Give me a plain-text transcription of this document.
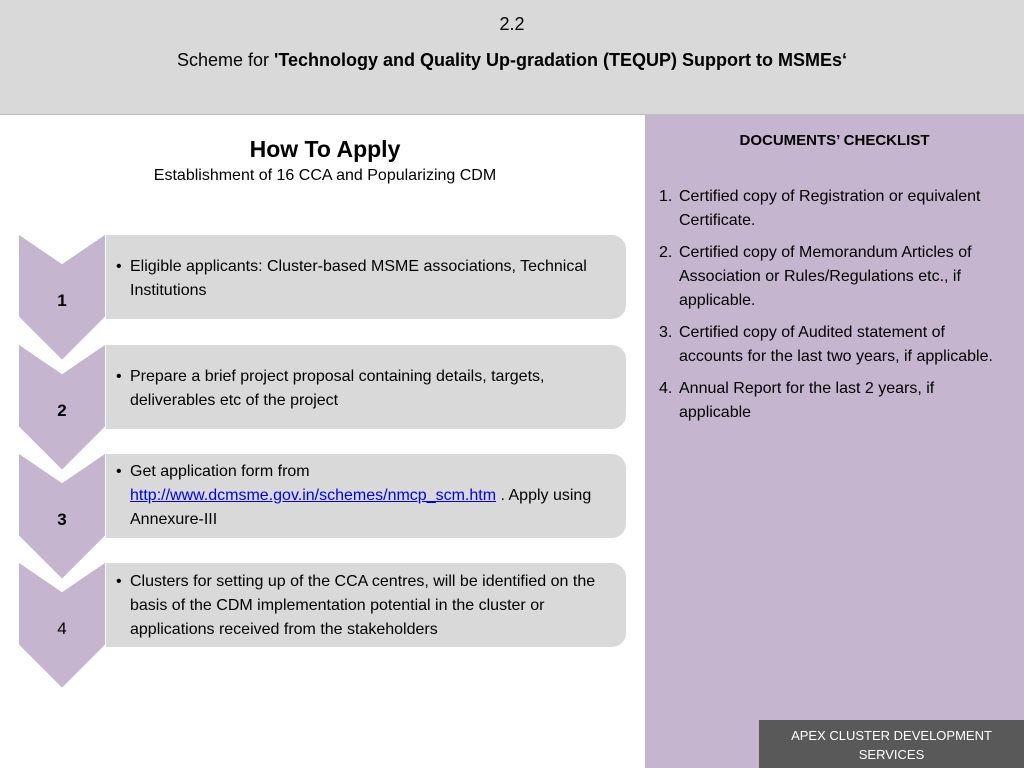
2.2
Scheme for 'Technology and Quality Up-gradation (TEQUP) Support to MSMEs‘
How To Apply
Establishment of 16 CCA and Popularizing CDM
1
• Eligible applicants: Cluster-based MSME associations, Technical Institutions
2
• Prepare a brief project proposal containing details, targets, deliverables etc of the project
3
• Get application form from
http://www.dcmsme.gov.in/schemes/nmcp_scm.htm . Apply using Annexure-III
4
• Clusters for setting up of the CCA centres, will be identified on the basis of the CDM implementation potential in the cluster or applications received from the stakeholders
DOCUMENTS’ CHECKLIST
1. Certified copy of Registration or equivalent Certificate.
2. Certified copy of Memorandum Articles of Association or Rules/Regulations etc., if applicable.
3. Certified copy of Audited statement of accounts for the last two years, if applicable.
4. Annual Report for the last 2 years, if applicable
APEX CLUSTER DEVELOPMENT SERVICES
